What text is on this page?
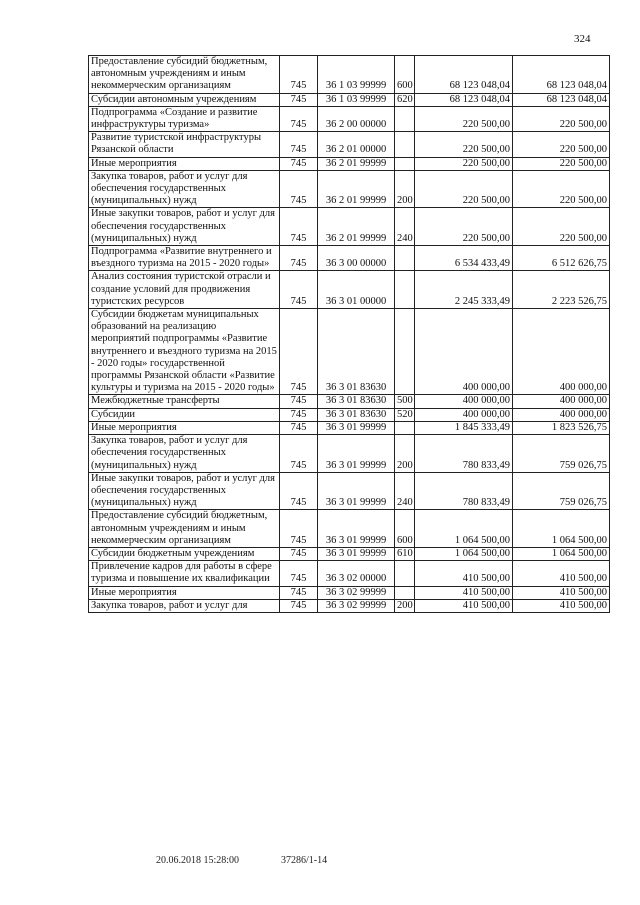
324
Предоставление субсидий бюджетным, автономным учреждениям и иным некоммерческим организациям	745	36 1 03 99999	600	68 123 048,04	68 123 048,04
Субсидии автономным учреждениям	745	36 1 03 99999	620	68 123 048,04	68 123 048,04
Подпрограмма «Создание и развитие инфраструктуры туризма»	745	36 2 00 00000		220 500,00	220 500,00
Развитие туристской инфраструктуры Рязанской области	745	36 2 01 00000		220 500,00	220 500,00
Иные мероприятия	745	36 2 01 99999		220 500,00	220 500,00
Закупка товаров, работ и услуг для обеспечения государственных (муниципальных) нужд	745	36 2 01 99999	200	220 500,00	220 500,00
Иные закупки товаров, работ и услуг для обеспечения государственных (муниципальных) нужд	745	36 2 01 99999	240	220 500,00	220 500,00
Подпрограмма «Развитие внутреннего и въездного туризма на 2015 - 2020 годы»	745	36 3 00 00000		6 534 433,49	6 512 626,75
Анализ состояния туристской отрасли и создание условий для продвижения туристских ресурсов	745	36 3 01 00000		2 245 333,49	2 223 526,75
Субсидии бюджетам муниципальных образований на реализацию мероприятий подпрограммы «Развитие внутреннего и въездного туризма на 2015 - 2020 годы» государственной программы Рязанской области «Развитие культуры и туризма на 2015 - 2020 годы»	745	36 3 01 83630		400 000,00	400 000,00
Межбюджетные трансферты	745	36 3 01 83630	500	400 000,00	400 000,00
Субсидии	745	36 3 01 83630	520	400 000,00	400 000,00
Иные мероприятия	745	36 3 01 99999		1 845 333,49	1 823 526,75
Закупка товаров, работ и услуг для обеспечения государственных (муниципальных) нужд	745	36 3 01 99999	200	780 833,49	759 026,75
Иные закупки товаров, работ и услуг для обеспечения государственных (муниципальных) нужд	745	36 3 01 99999	240	780 833,49	759 026,75
Предоставление субсидий бюджетным, автономным учреждениям и иным некоммерческим организациям	745	36 3 01 99999	600	1 064 500,00	1 064 500,00
Субсидии бюджетным учреждениям	745	36 3 01 99999	610	1 064 500,00	1 064 500,00
Привлечение кадров для работы в сфере туризма и повышение их квалификации	745	36 3 02 00000		410 500,00	410 500,00
Иные мероприятия	745	36 3 02 99999		410 500,00	410 500,00
Закупка товаров, работ и услуг для	745	36 3 02 99999	200	410 500,00	410 500,00
20.06.2018 15:28:00	37286/1-14
